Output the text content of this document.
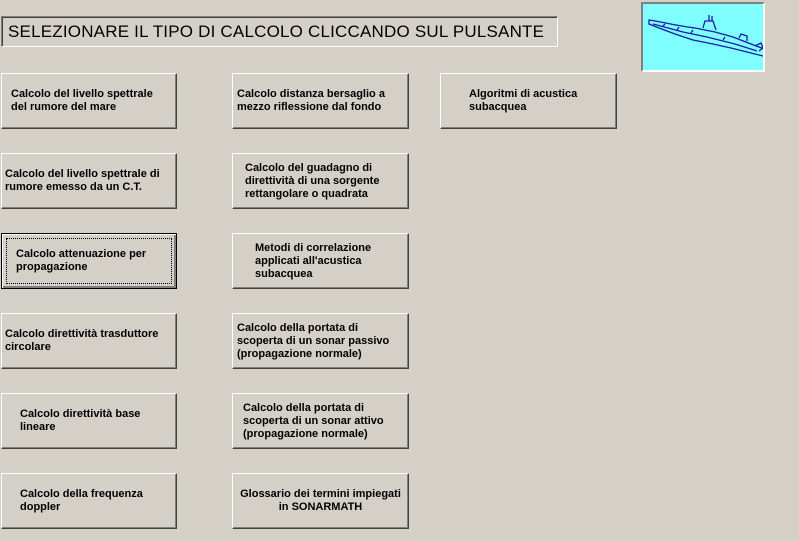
SELEZIONARE IL TIPO DI CALCOLO CLICCANDO SUL PULSANTE
Calcolo del livello spettrale
del rumore del mare
Calcolo del livello spettrale di
rumore emesso da un C.T.
Calcolo attenuazione per
propagazione
Calcolo direttività trasduttore
circolare
Calcolo direttività base
lineare
Calcolo della frequenza
doppler
Calcolo distanza bersaglio a
mezzo riflessione dal fondo
Calcolo del guadagno di
direttività di una sorgente
rettangolare o quadrata
Metodi di correlazione
applicati all'acustica
subacquea
Calcolo della portata di
scoperta di un sonar passivo
(propagazione normale)
Calcolo della portata di
scoperta di un sonar attivo
(propagazione normale)
Glossario dei termini impiegati
in SONARMATH
Algoritmi di acustica
subacquea
